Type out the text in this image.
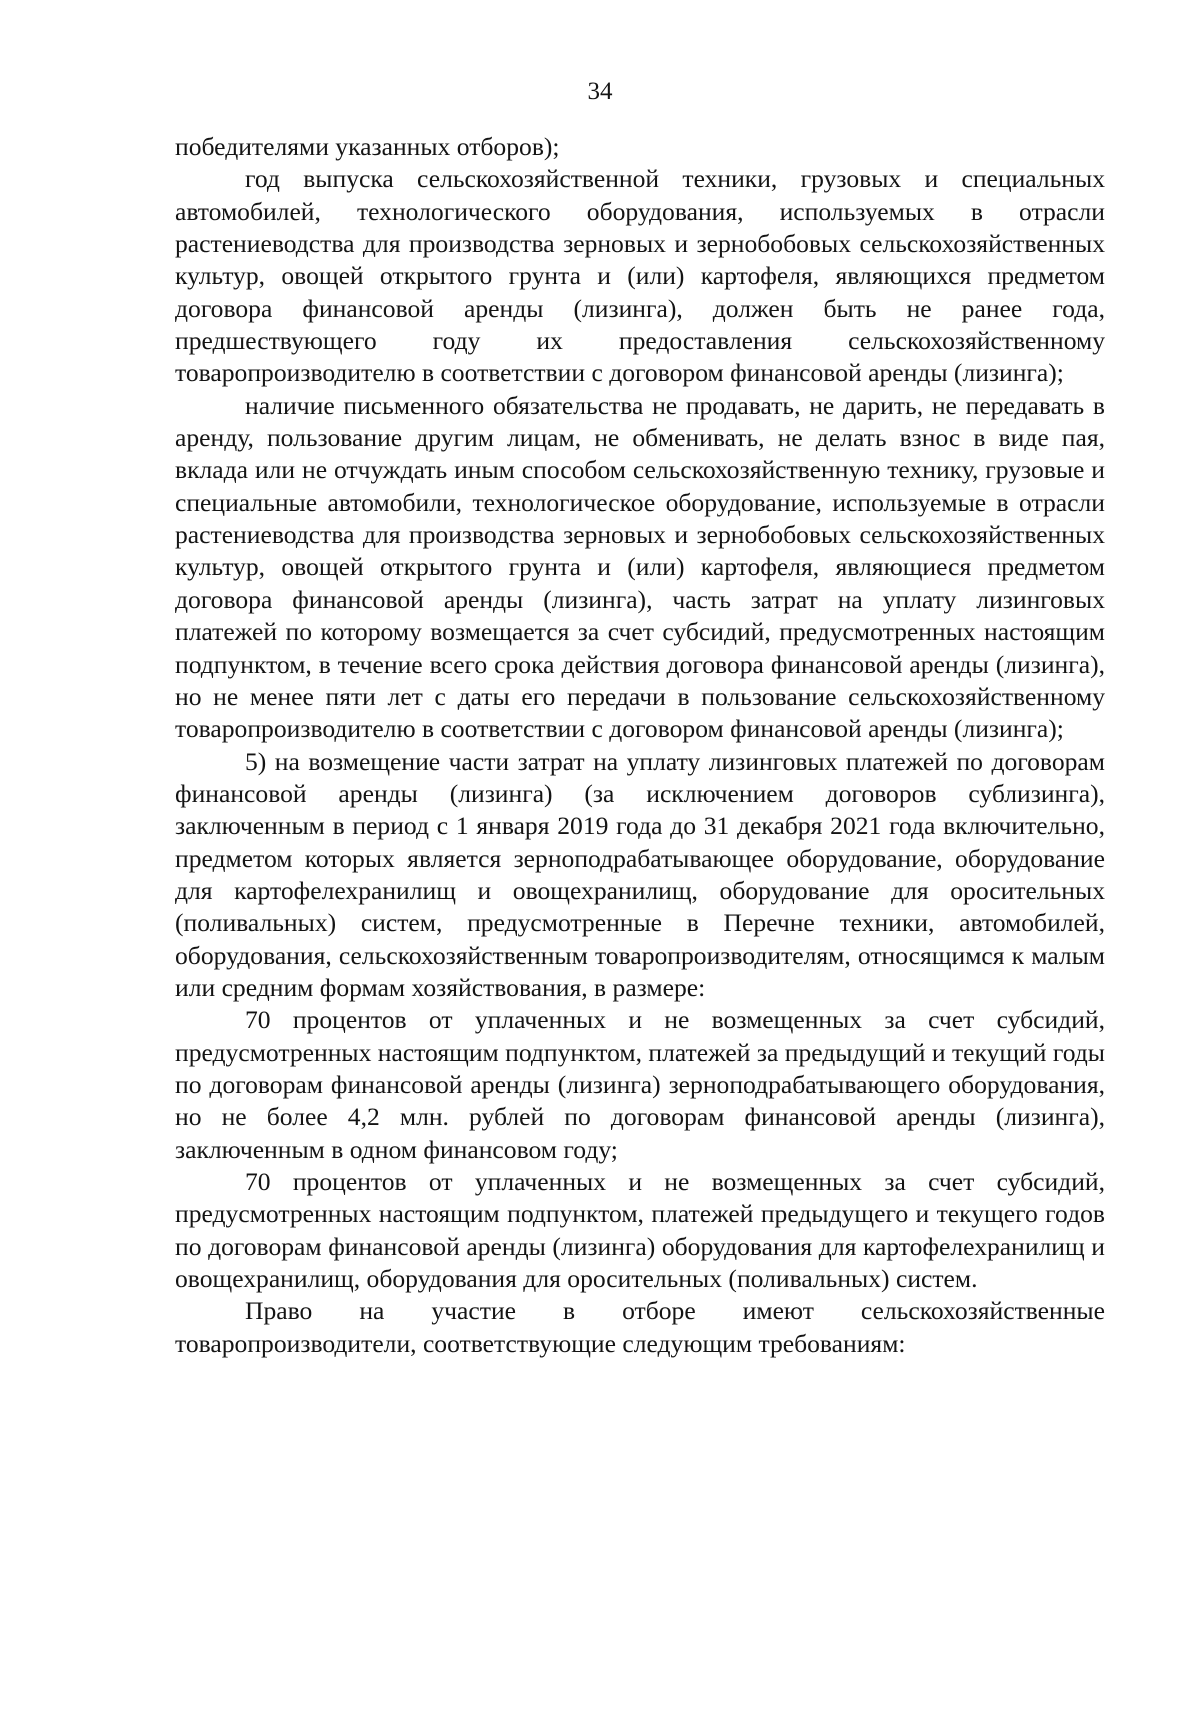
34

победителями указанных отборов);

год выпуска сельскохозяйственной техники, грузовых и специальных автомобилей, технологического оборудования, используемых в отрасли растениеводства для производства зерновых и зернобобовых сельскохозяйственных культур, овощей открытого грунта и (или) картофеля, являющихся предметом договора финансовой аренды (лизинга), должен быть не ранее года, предшествующего году их предоставления сельскохозяйственному товаропроизводителю в соответствии с договором финансовой аренды (лизинга);

наличие письменного обязательства не продавать, не дарить, не передавать в аренду, пользование другим лицам, не обменивать, не делать взнос в виде пая, вклада или не отчуждать иным способом сельскохозяйственную технику, грузовые и специальные автомобили, технологическое оборудование, используемые в отрасли растениеводства для производства зерновых и зернобобовых сельскохозяйственных культур, овощей открытого грунта и (или) картофеля, являющиеся предметом договора финансовой аренды (лизинга), часть затрат на уплату лизинговых платежей по которому возмещается за счет субсидий, предусмотренных настоящим подпунктом, в течение всего срока действия договора финансовой аренды (лизинга), но не менее пяти лет с даты его передачи в пользование сельскохозяйственному товаропроизводителю в соответствии с договором финансовой аренды (лизинга);

5) на возмещение части затрат на уплату лизинговых платежей по договорам финансовой аренды (лизинга) (за исключением договоров сублизинга), заключенным в период с 1 января 2019 года до 31 декабря 2021 года включительно, предметом которых является зерноподрабатывающее оборудование, оборудование для картофелехранилищ и овощехранилищ, оборудование для оросительных (поливальных) систем, предусмотренные в Перечне техники, автомобилей, оборудования, сельскохозяйственным товаропроизводителям, относящимся к малым или средним формам хозяйствования, в размере:

70 процентов от уплаченных и не возмещенных за счет субсидий, предусмотренных настоящим подпунктом, платежей за предыдущий и текущий годы по договорам финансовой аренды (лизинга) зерноподрабатывающего оборудования, но не более 4,2 млн. рублей по договорам финансовой аренды (лизинга), заключенным в одном финансовом году;

70 процентов от уплаченных и не возмещенных за счет субсидий, предусмотренных настоящим подпунктом, платежей предыдущего и текущего годов по договорам финансовой аренды (лизинга) оборудования для картофелехранилищ и овощехранилищ, оборудования для оросительных (поливальных) систем.

Право на участие в отборе имеют сельскохозяйственные товаропроизводители, соответствующие следующим требованиям:
